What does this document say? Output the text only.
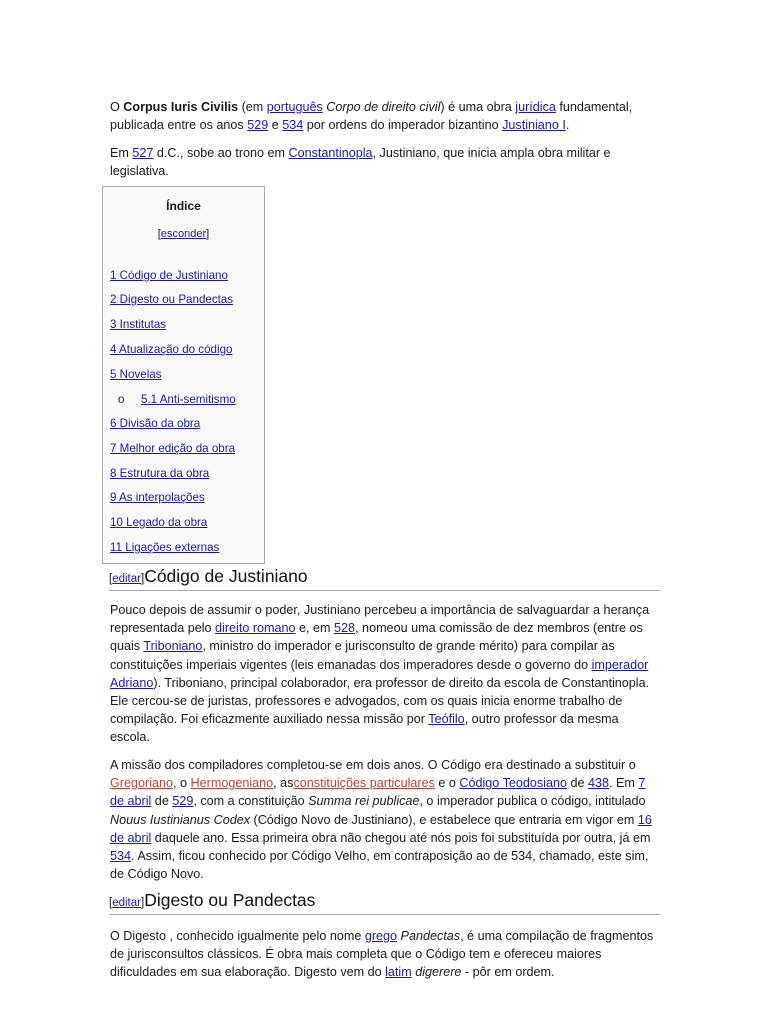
O Corpus Iuris Civilis (em português Corpo de direito civil) é uma obra jurídica fundamental, publicada entre os anos 529 e 534 por ordens do imperador bizantino Justiniano I.

Em 527 d.C., sobe ao trono em Constantinopla, Justiniano, que inicia ampla obra militar e legislativa.

Índice
[esconder]
1 Código de Justiniano
2 Digesto ou Pandectas
3 Institutas
4 Atualização do código
5 Novelas
o 5.1 Anti-semitismo
6 Divisão da obra
7 Melhor edição da obra
8 Estrutura da obra
9 As interpolações
10 Legado da obra
11 Ligações externas
[editar]Código de Justiniano

Pouco depois de assumir o poder, Justiniano percebeu a importância de salvaguardar a herança representada pelo direito romano e, em 528, nomeou uma comissão de dez membros (entre os quais Triboniano, ministro do imperador e jurisconsulto de grande mérito) para compilar as constituições imperiais vigentes (leis emanadas dos imperadores desde o governo do imperador Adriano). Triboniano, principal colaborador, era professor de direito da escola de Constantinopla. Ele cercou-se de juristas, professores e advogados, com os quais inicia enorme trabalho de compilação. Foi eficazmente auxiliado nessa missão por Teófilo, outro professor da mesma escola.

A missão dos compiladores completou-se em dois anos. O Código era destinado a substituir o Gregoriano, o Hermogeniano, asconstituições particulares e o Código Teodosiano de 438. Em 7 de abril de 529, com a constituição Summa rei publicae, o imperador publica o código, intitulado Nouus Iustinianus Codex (Código Novo de Justiniano), e estabelece que entraria em vigor em 16 de abril daquele ano. Essa primeira obra não chegou até nós pois foi substituída por outra, já em 534. Assim, ficou conhecido por Código Velho, em contraposição ao de 534, chamado, este sim, de Código Novo.

[editar]Digesto ou Pandectas

O Digesto , conhecido igualmente pelo nome grego Pandectas, é uma compilação de fragmentos de jurisconsultos clássicos. É obra mais completa que o Código tem e ofereceu maiores dificuldades em sua elaboração. Digesto vem do latim digerere - pôr em ordem.
